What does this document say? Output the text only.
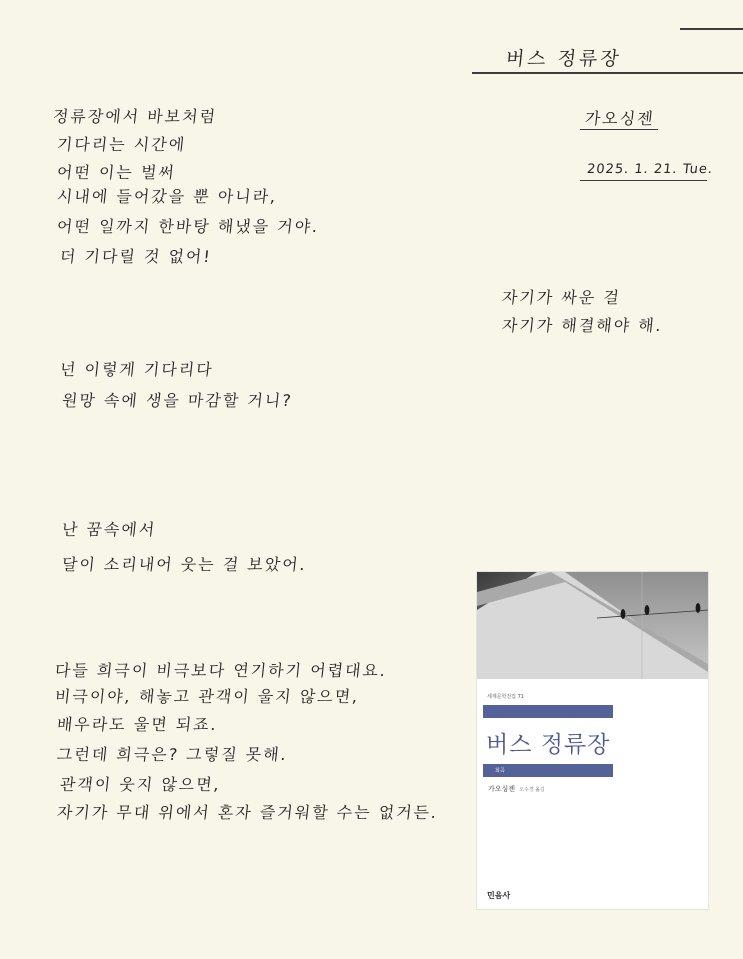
버스 정류장
가오싱젠
2025. 1. 21. Tue.
정류장에서 바보처럼
기다리는 시간에
어떤 이는 벌써
시내에 들어갔을 뿐 아니라,
어떤 일까지 한바탕 해냈을 거야.
더 기다릴 것 없어!
자기가 싸운 걸
자기가 해결해야 해.
넌 이렇게 기다리다
원망 속에 생을 마감할 거니?
난 꿈속에서
달이 소리내어 웃는 걸 보았어.
다들 희극이 비극보다 연기하기 어렵대요.
비극이야, 해놓고 관객이 울지 않으면,
배우라도 울면 되죠.
그런데 희극은? 그렇질 못해.
관객이 웃지 않으면,
자기가 무대 위에서 혼자 즐거워할 수는 없거든.
세계문학전집 71
버스 정류장
희곡
가오싱젠 오수경 옮김
민음사
